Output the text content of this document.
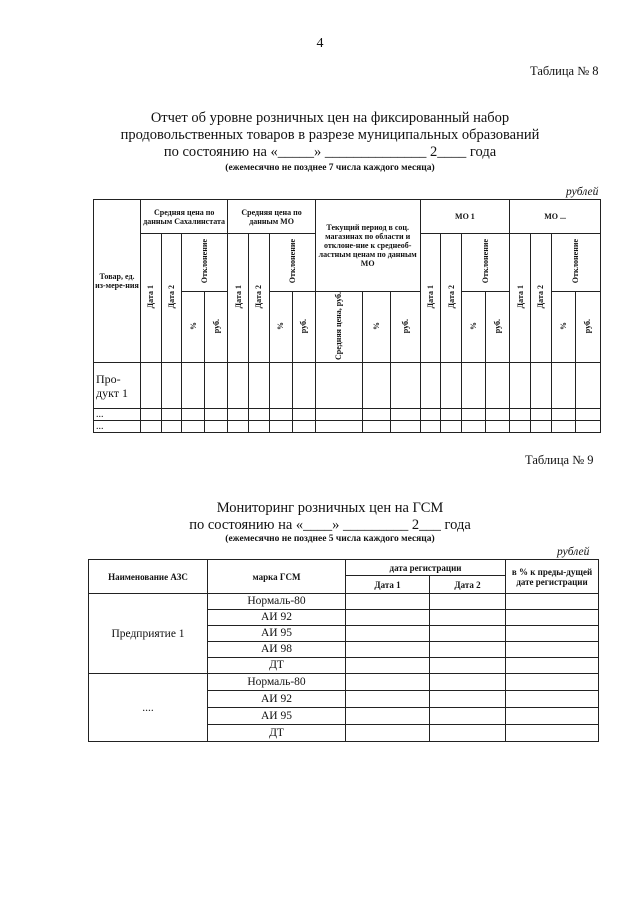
4
Таблица № 8
Отчет об уровне розничных цен на фиксированный набор
продовольственных товаров в разрезе муниципальных образований
по состоянию на «_____» ______________ 2____ года
(ежемесячно не позднее 7 числа каждого месяца)
рублей
Товар, ед. из-мере-ния	Средняя цена по данным Сахалинстата				Средняя цена по данным МО				Текущий период в соц. магазинах по области и отклоне-ние к среднеоб-ластным ценам по данным МО			МО 1				МО ...			
	Дата 1	Дата 2	Отклонение		Дата 1	Дата 2	Отклонение					Дата 1	Дата 2	Отклонение		Дата 1	Дата 2	Отклонение	
			%	руб.			%	руб.	Средняя цена, руб.	%	руб.			%	руб.			%	руб.
Про-дукт 1																			
...																			
...																			
Таблица № 9
Мониторинг розничных цен на ГСМ
по состоянию на «____» _________ 2___ года
(ежемесячно не позднее 5 числа каждого месяца)
рублей
Наименование АЗС	марка ГСМ	дата регистрации		в % к преды-дущей дате регистрации
		Дата 1	Дата 2	
Предприятие 1	Нормаль-80			
	АИ 92			
	АИ 95			
	АИ 98			
	ДТ			
....	Нормаль-80			
	АИ 92			
	АИ 95			
	ДТ			
